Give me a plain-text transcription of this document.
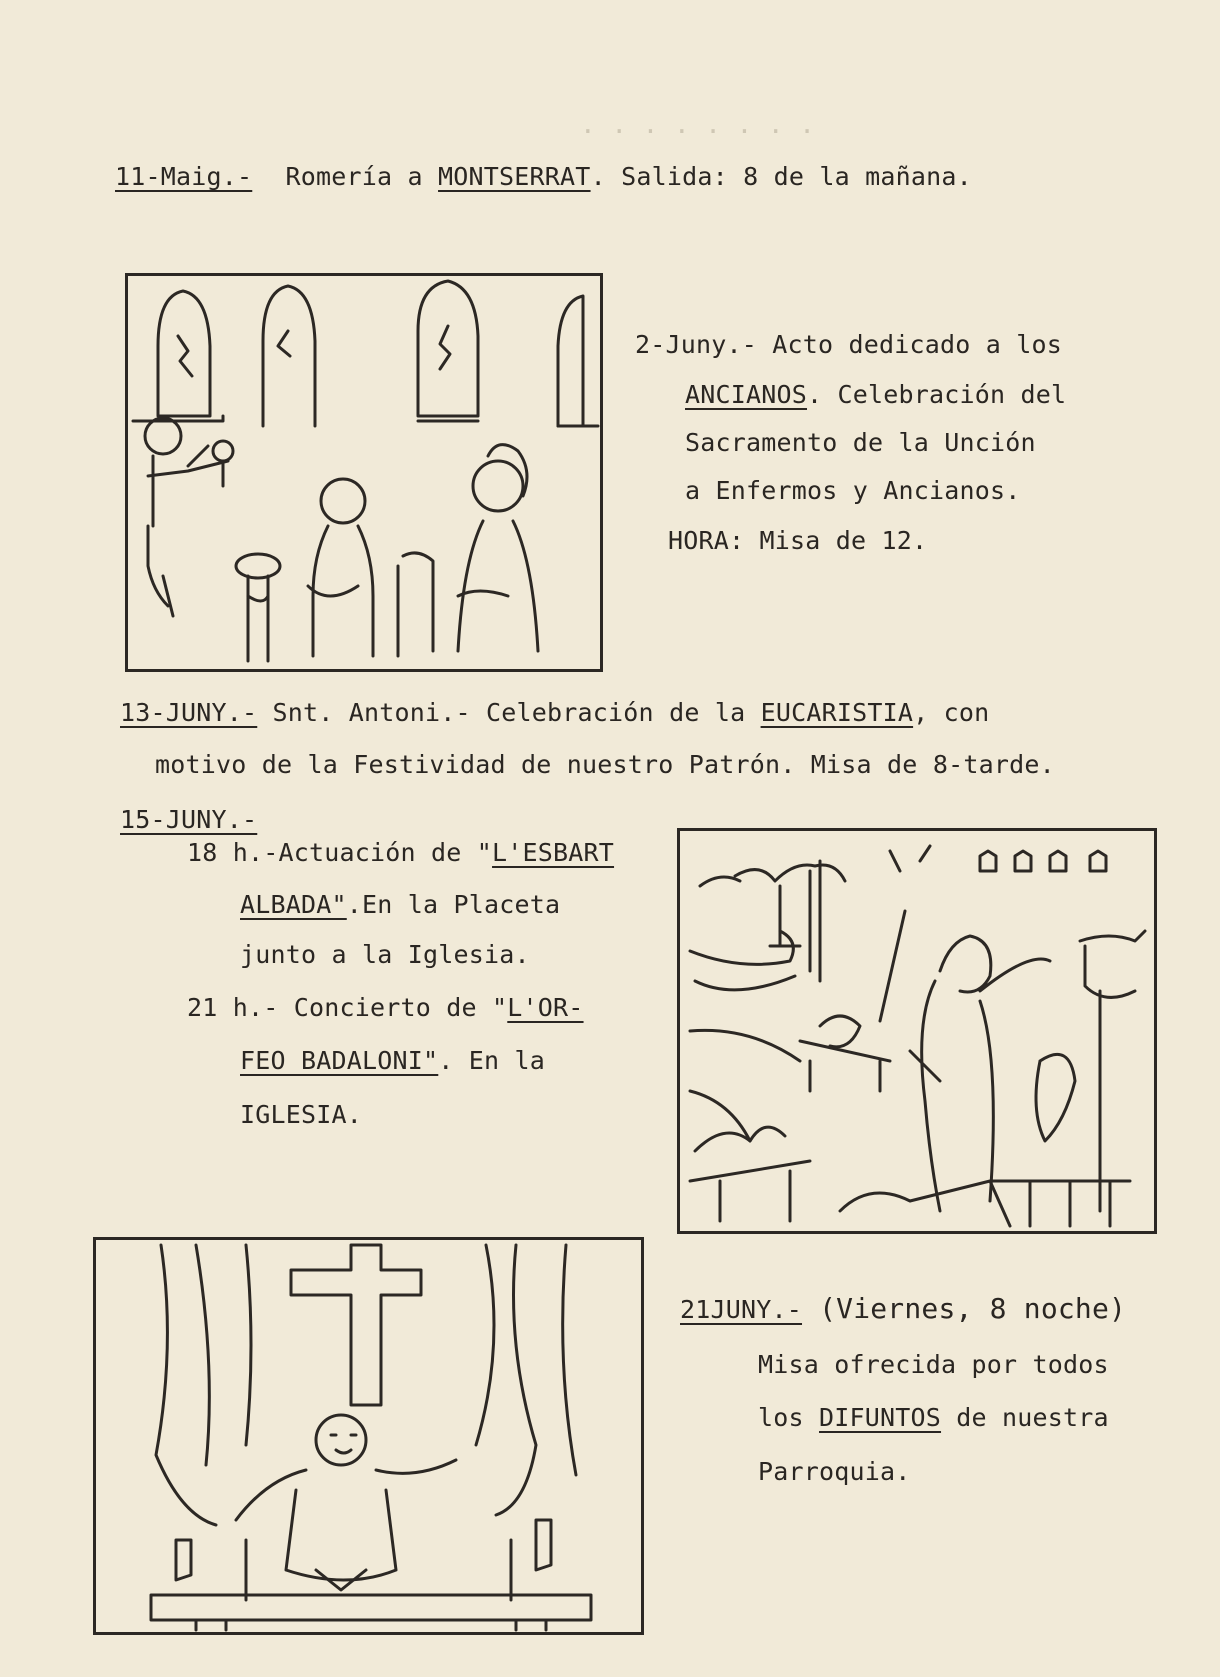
. . . . . . . .
11-Maig.- Romería a MONTSERRAT. Salida: 8 de la mañana.
2-Juny.- Acto dedicado a los
ANCIANOS. Celebración del
Sacramento de la Unción
a Enfermos y Ancianos.
HORA: Misa de 12.
13-JUNY.- Snt. Antoni.- Celebración de la EUCARISTIA, con
motivo de la Festividad de nuestro Patrón. Misa de 8-tarde.
15-JUNY.-
18 h.-Actuación de "L'ESBART
ALBADA".En la Placeta
junto a la Iglesia.
21 h.- Concierto de "L'OR-
FEO BADALONI". En la
IGLESIA.
21JUNY.- (Viernes, 8 noche)
Misa ofrecida por todos
los DIFUNTOS de nuestra
Parroquia.
